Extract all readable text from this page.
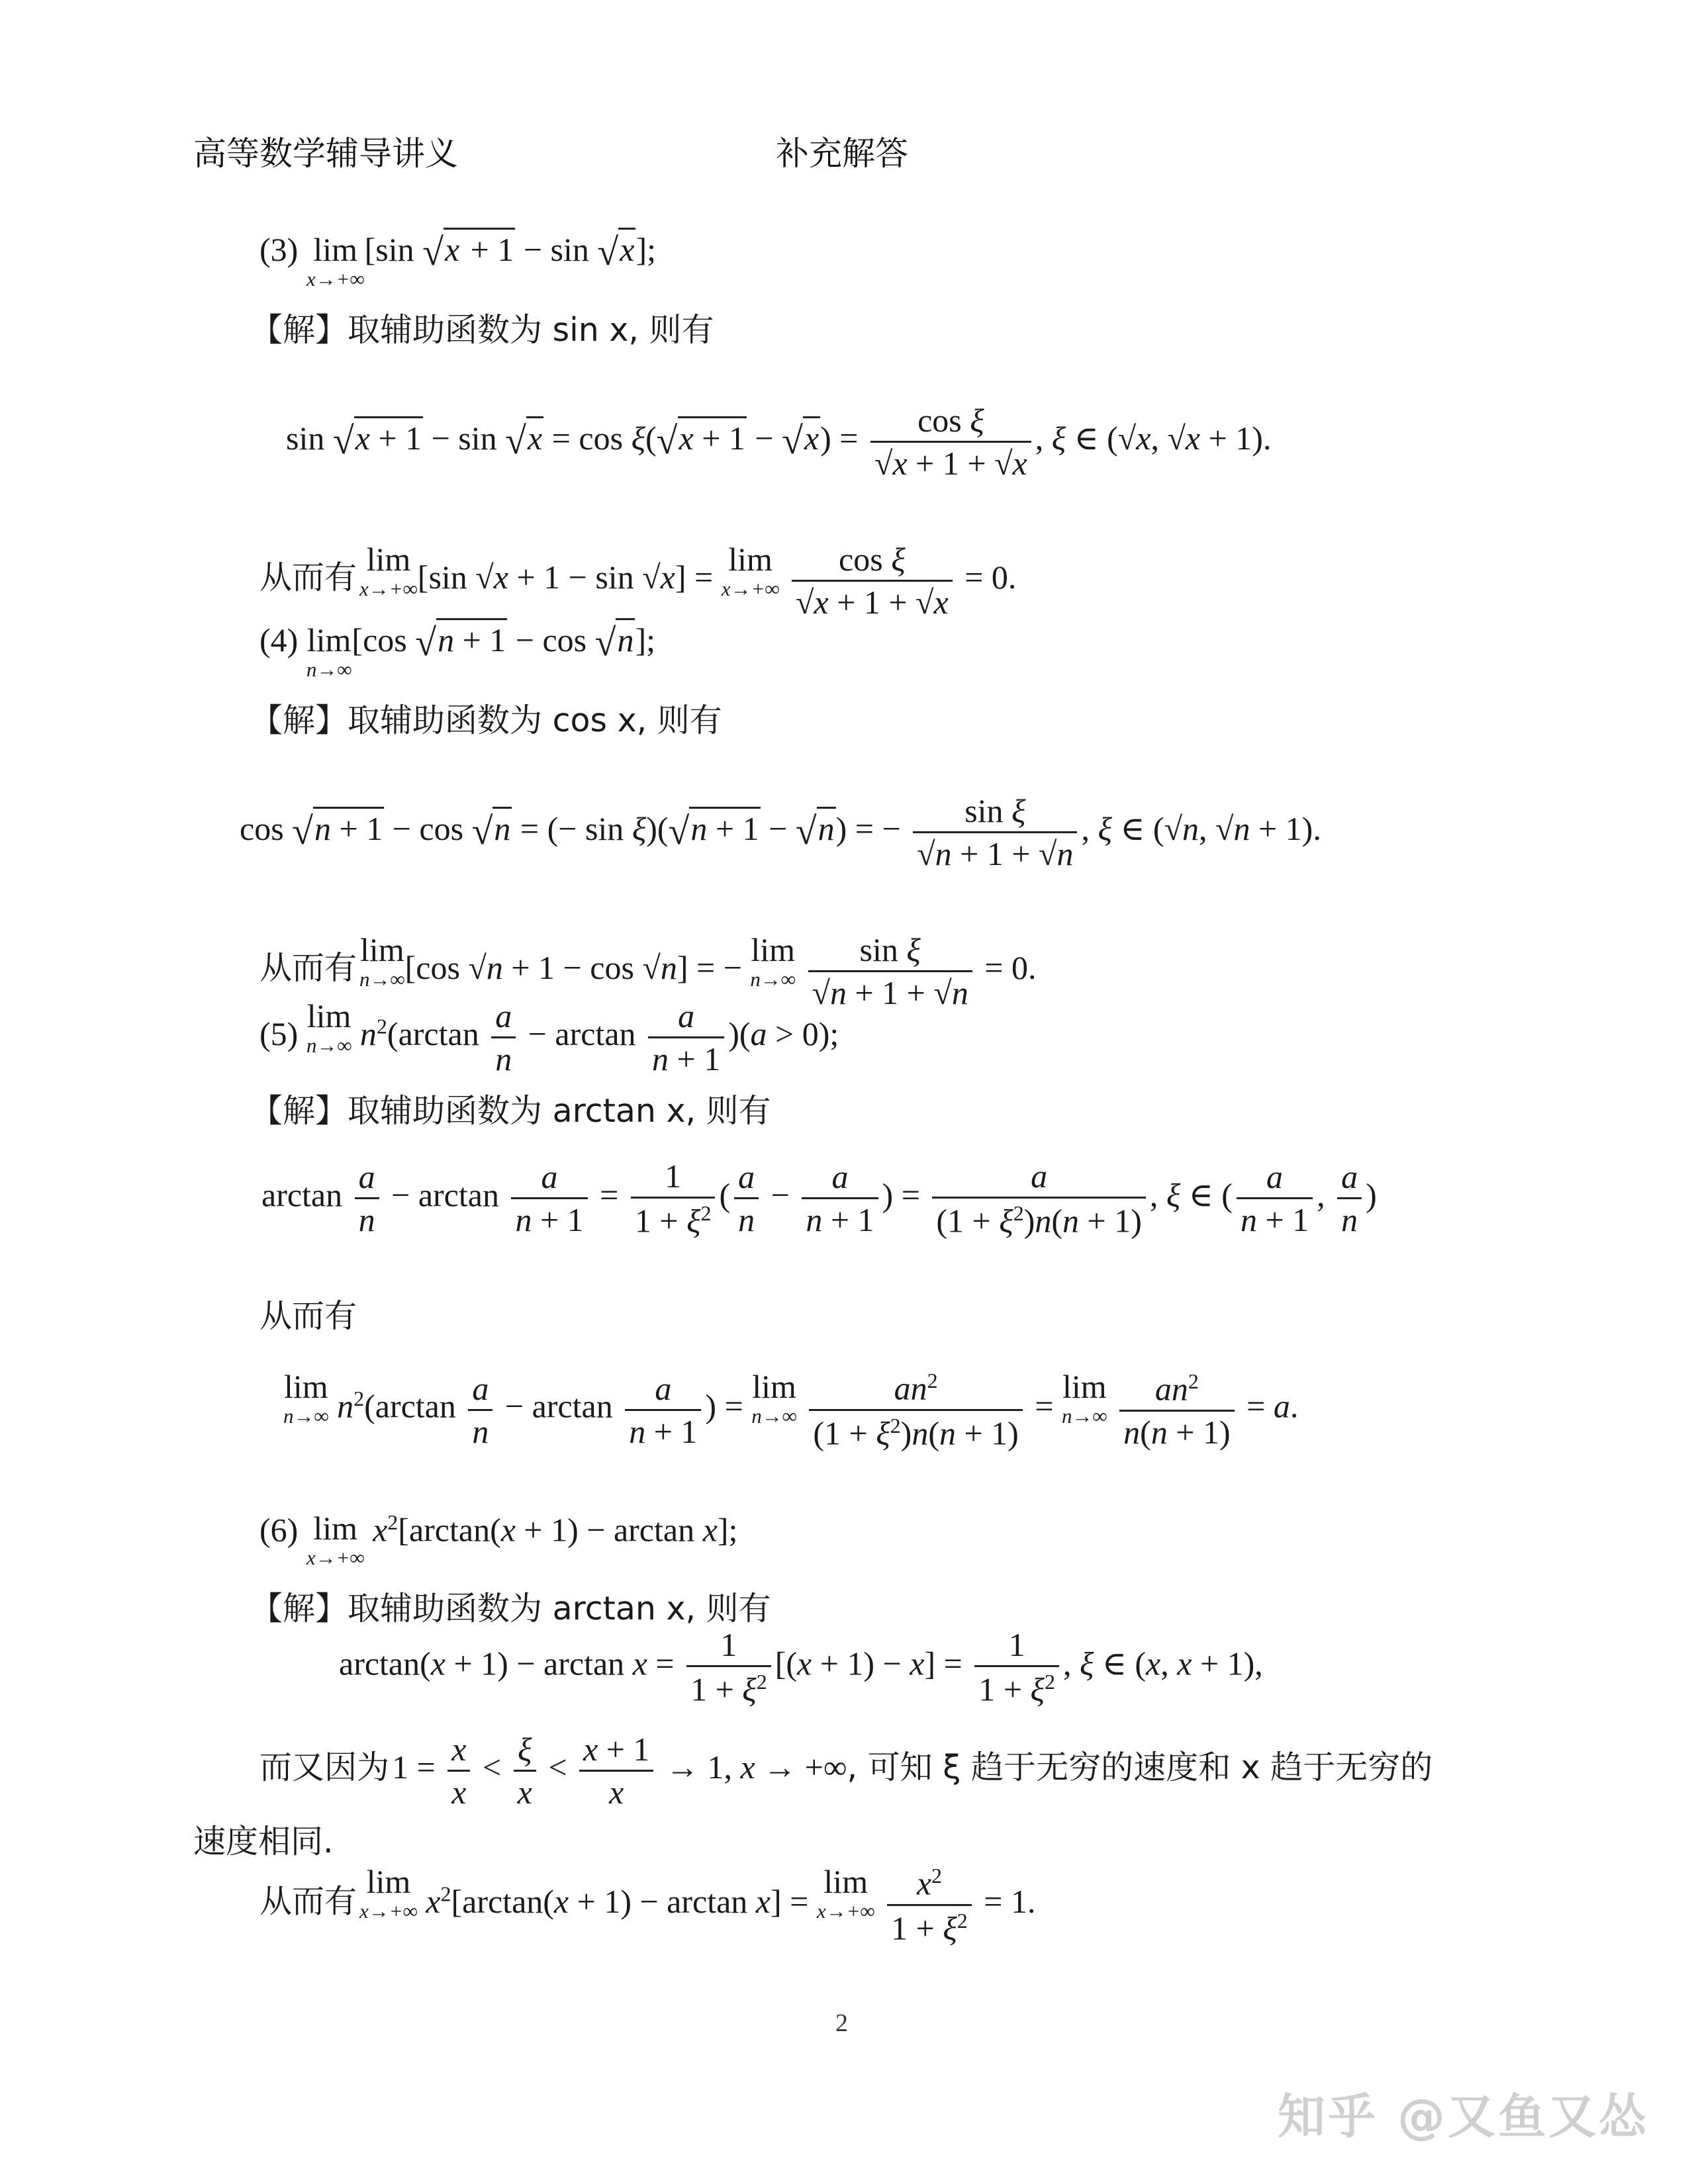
高等数学辅导讲义	补充解答
(3) lim
x→+∞
[sin √x + 1 − sin √x];
【解】取辅助函数为 sin x, 则有
$\sin √x + 1 - \sin √x = \cos \xi(√x + 1 - √x) = \frac{\text{cos ξ}}{√x + 1 + √x}$ , ξ ∈ (√x, √x + 1).
从而有 lim
x→+∞ [sin √x + 1 − sin √x] = lim
x→+∞
$\frac{\text{cos ξ}}{√x + 1 + √x} = 0$.
(4) lim
n→∞
[cos √n + 1 − cos √n];
【解】取辅助函数为 cos x, 则有
cos √n + 1 − cos √n = (− sin ξ)(√n + 1 − √n) = − $\frac{\text{sin ξ}}{√n + 1 + √n}$ , ξ ∈ (√n, √n + 1).
从而有 lim
n→∞ [cos √n + 1 − cos √n] = − lim
n→∞
$\frac{\text{sin ξ}}{√n + 1 + √n} = 0$.
(5) lim
n→∞ $n^2(\arctan \frac{a}{n} - \arctan \frac{a}{n + 1} )(a > 0)$;
【解】取辅助函数为 arctan x, 则有
$\arctan \frac{a}{n} - \arctan \frac{a}{n + 1} = \frac{1}{1 + \xi^2}$ ( $\frac{a}{n} - \frac{a}{n + 1}$ ) = $\frac{a}{(1 + \xi^2)n(n + 1)}$ , ξ ∈ ( $\frac{a}{n + 1}$ , $\frac{a}{n}$ )
从而有
lim
n→∞ $n^2(\arctan \frac{a}{n} - \arctan \frac{a}{n + 1}$ ) = lim
n→∞
$\frac{an^2}{(1 + \xi^2)n(n + 1)} = \lim$
n→∞
$\frac{an^2}{n(n + 1)} = a$.
(6) lim
x→+∞
$x^2[\arctan(x + 1) - \arctan x]$;
【解】取辅助函数为 arctan x, 则有
$\arctan(x + 1) - \arctan x = \frac{1}{1 + \xi^2} [(x + 1) - x] = \frac{1}{1 + \xi^2}$ , ξ ∈ (x, x + 1),
而又因为 $1 = \frac{x}{x} < \frac{\xi}{x} < \frac{x + 1}{x} \to 1$, x → +∞, 可知 ξ 趋于无穷的速度和 x 趋于无穷的
速度相同.
从而有 lim
x→+∞ $x^2[\arctan(x + 1) - \arctan x] = \lim$
x→+∞
$\frac{x^2}{1 + \xi^2} = 1$.
2
知乎 @又鱼又怂
